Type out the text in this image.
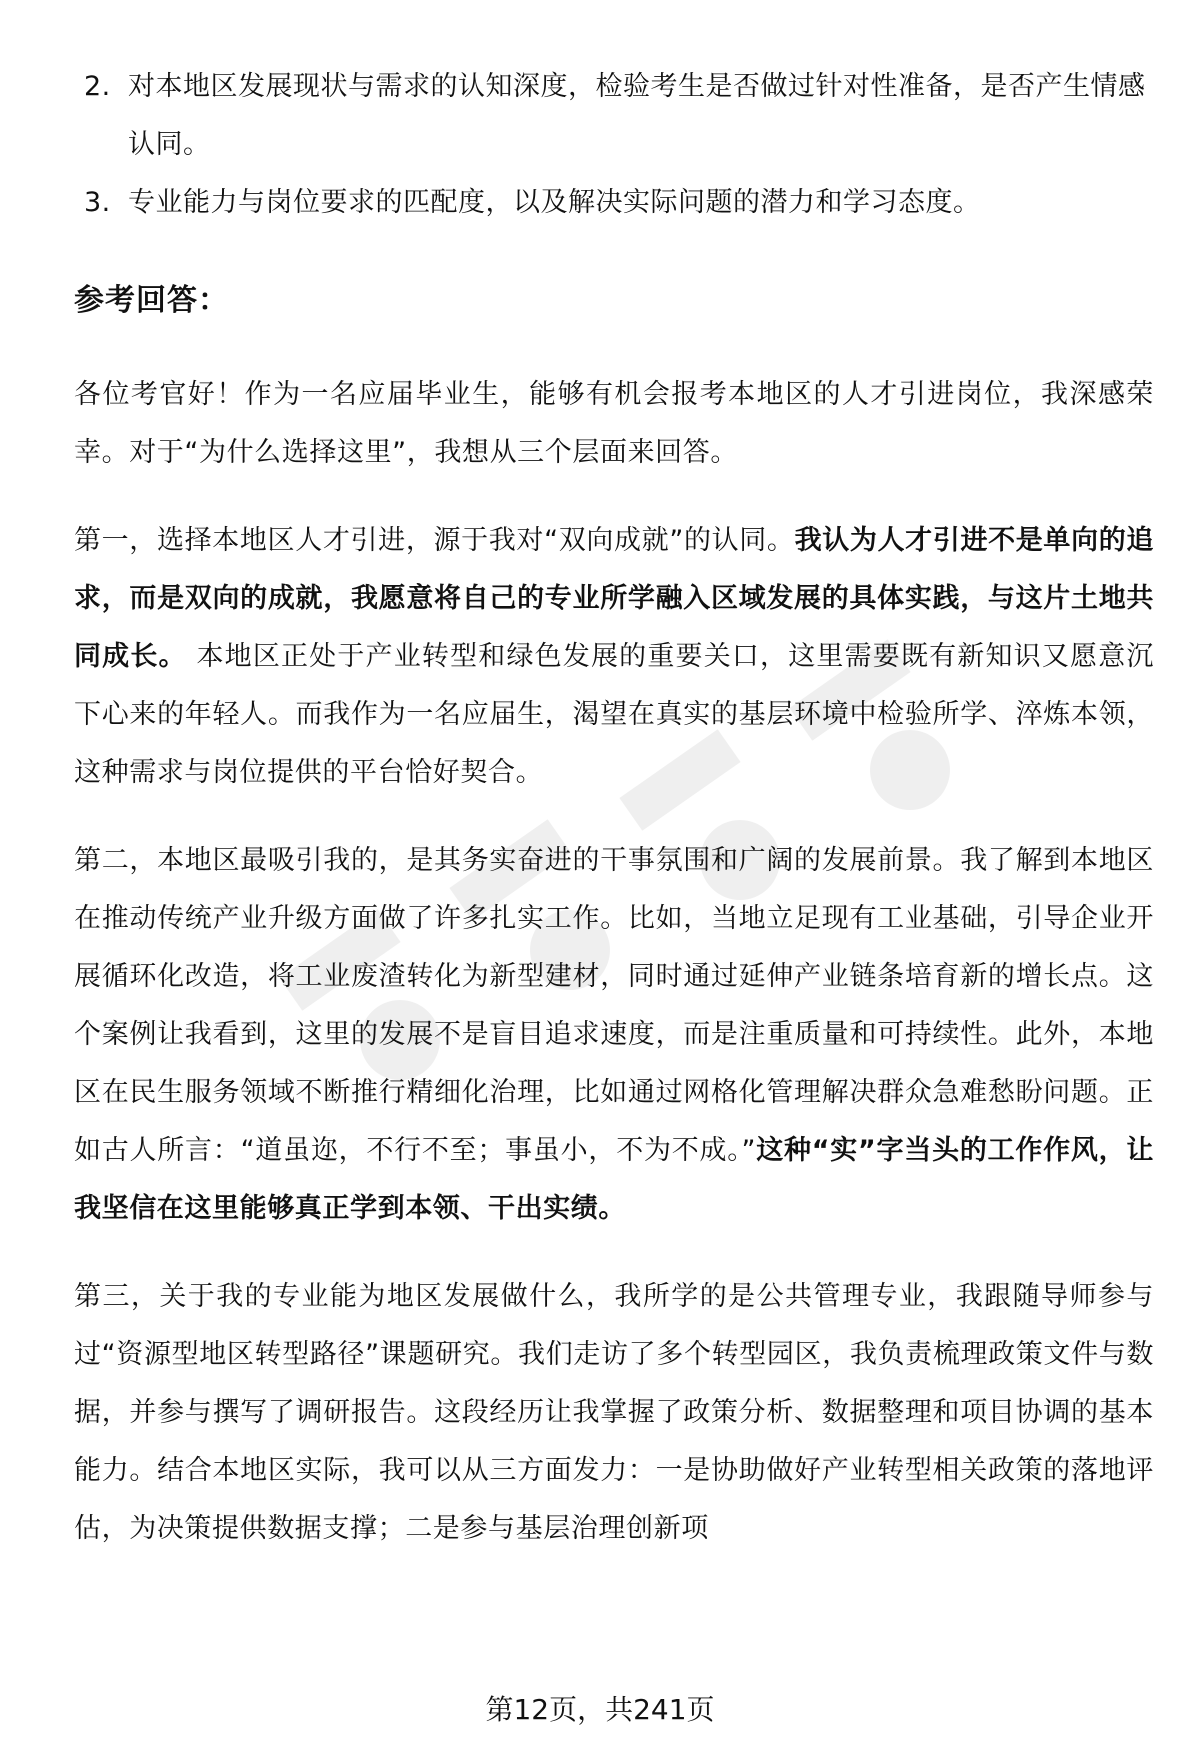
2. 对本地区发展现状与需求的认知深度，检验考生是否做过针对性准备，是否产生情感认同。
3. 专业能力与岗位要求的匹配度，以及解决实际问题的潜力和学习态度。
参考回答：

各位考官好！作为一名应届毕业生，能够有机会报考本地区的人才引进岗位，我深感荣幸。对于“为什么选择这里”，我想从三个层面来回答。

第一，选择本地区人才引进，源于我对“双向成就”的认同。我认为人才引进不是单向的追求，而是双向的成就，我愿意将自己的专业所学融入区域发展的具体实践，与这片土地共同成长。 本地区正处于产业转型和绿色发展的重要关口，这里需要既有新知识又愿意沉下心来的年轻人。而我作为一名应届生，渴望在真实的基层环境中检验所学、淬炼本领，这种需求与岗位提供的平台恰好契合。

第二，本地区最吸引我的，是其务实奋进的干事氛围和广阔的发展前景。我了解到本地区在推动传统产业升级方面做了许多扎实工作。比如，当地立足现有工业基础，引导企业开展循环化改造，将工业废渣转化为新型建材，同时通过延伸产业链条培育新的增长点。这个案例让我看到，这里的发展不是盲目追求速度，而是注重质量和可持续性。此外，本地区在民生服务领域不断推行精细化治理，比如通过网格化管理解决群众急难愁盼问题。正如古人所言：“道虽迩，不行不至；事虽小，不为不成。”这种“实”字当头的工作作风，让我坚信在这里能够真正学到本领、干出实绩。

第三，关于我的专业能为地区发展做什么，我所学的是公共管理专业，我跟随导师参与过“资源型地区转型路径”课题研究。我们走访了多个转型园区，我负责梳理政策文件与数据，并参与撰写了调研报告。这段经历让我掌握了政策分析、数据整理和项目协调的基本能力。结合本地区实际，我可以从三方面发力：一是协助做好产业转型相关政策的落地评估，为决策提供数据支撑；二是参与基层治理创新项

第12页，共241页
